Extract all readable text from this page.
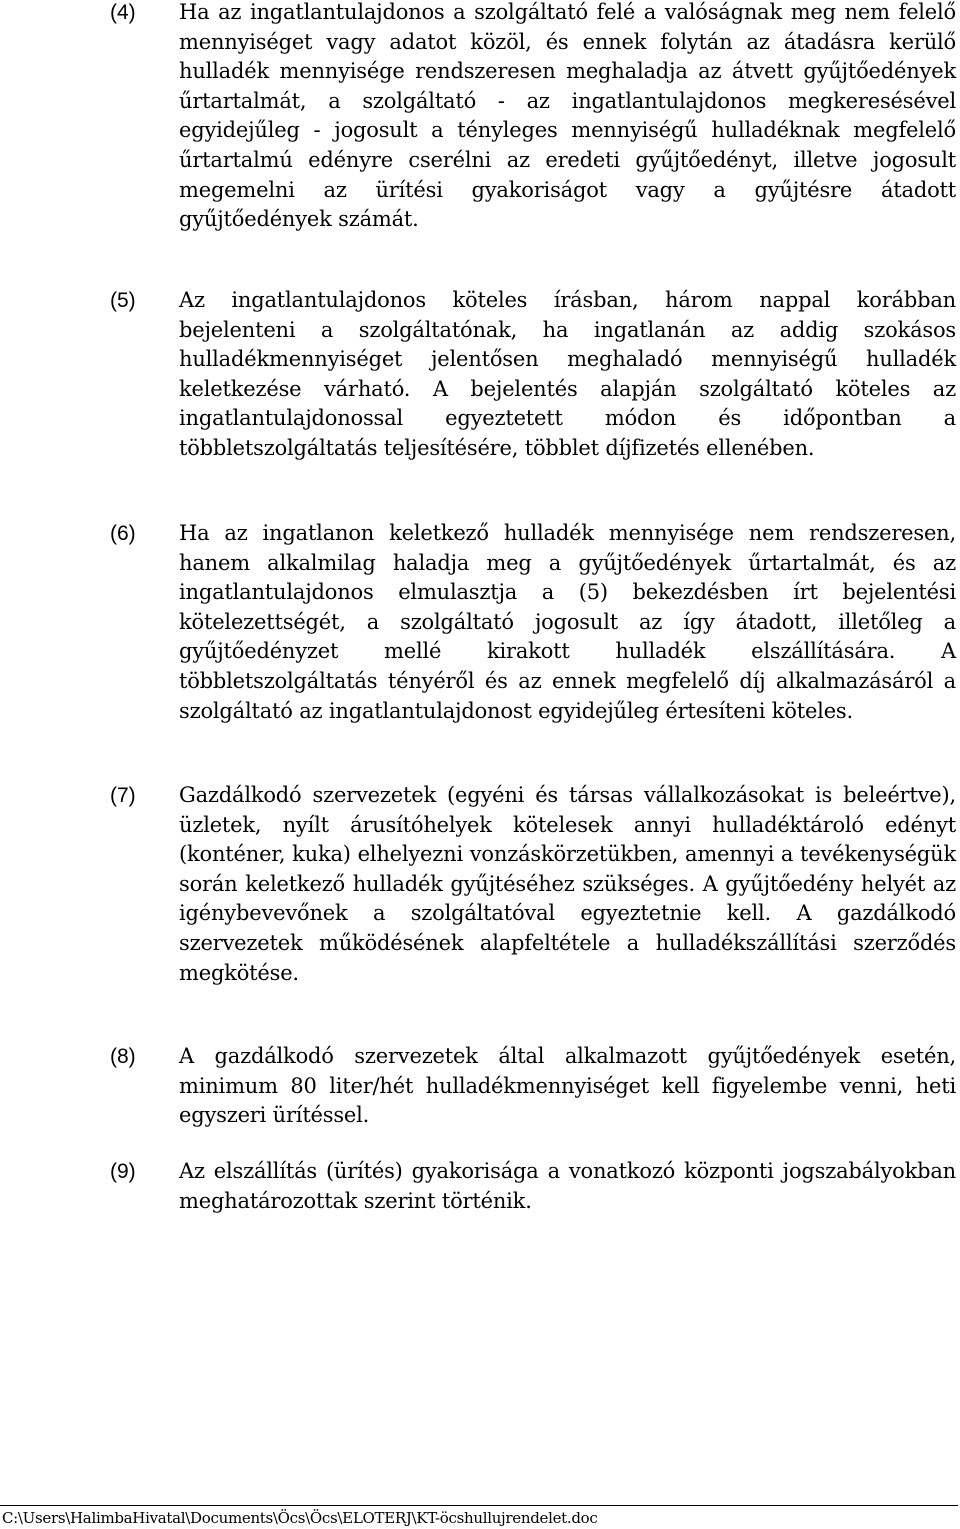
(4)	Ha az ingatlantulajdonos a szolgáltató felé a valóságnak meg nem felelő mennyiséget vagy adatot közöl, és ennek folytán az átadásra kerülő hulladék mennyisége rendszeresen meghaladja az átvett gyűjtőedények űrtartalmát, a szolgáltató - az ingatlantulajdonos megkeresésével egyidejűleg - jogosult a tényleges mennyiségű hulladéknak megfelelő űrtartalmú edényre cserélni az eredeti gyűjtőedényt, illetve jogosult megemelni az ürítési gyakoriságot vagy a gyűjtésre átadott gyűjtőedények számát.
(5)	Az ingatlantulajdonos köteles írásban, három nappal korábban bejelenteni a szolgáltatónak, ha ingatlanán az addig szokásos hulladékmennyiséget jelentősen meghaladó mennyiségű hulladék keletkezése várható. A bejelentés alapján szolgáltató köteles az ingatlantulajdonossal egyeztetett módon és időpontban a többletszolgáltatás teljesítésére, többlet díjfizetés ellenében.
(6)	Ha az ingatlanon keletkező hulladék mennyisége nem rendszeresen, hanem alkalmilag haladja meg a gyűjtőedények űrtartalmát, és az ingatlantulajdonos elmulasztja a (5) bekezdésben írt bejelentési kötelezettségét, a szolgáltató jogosult az így átadott, illetőleg a gyűjtőedényzet mellé kirakott hulladék elszállítására. A többletszolgáltatás tényéről és az ennek megfelelő díj alkalmazásáról a szolgáltató az ingatlantulajdonost egyidejűleg értesíteni köteles.
(7)	Gazdálkodó szervezetek (egyéni és társas vállalkozásokat is beleértve), üzletek, nyílt árusítóhelyek kötelesek annyi hulladéktároló edényt (konténer, kuka) elhelyezni vonzáskörzetükben, amennyi a tevékenységük során keletkező hulladék gyűjtéséhez szükséges. A gyűjtőedény helyét az igénybevevőnek a szolgáltatóval egyeztetnie kell. A gazdálkodó szervezetek működésének alapfeltétele a hulladékszállítási szerződés megkötése.
(8)	A gazdálkodó szervezetek által alkalmazott gyűjtőedények esetén, minimum 80 liter/hét hulladékmennyiséget kell figyelembe venni, heti egyszeri ürítéssel.
(9)	Az elszállítás (ürítés) gyakorisága a vonatkozó központi jogszabályokban meghatározottak szerint történik.
C:\Users\HalimbaHivatal\Documents\Öcs\Öcs\ELOTERJ\KT-öcshullujrendelet.doc
